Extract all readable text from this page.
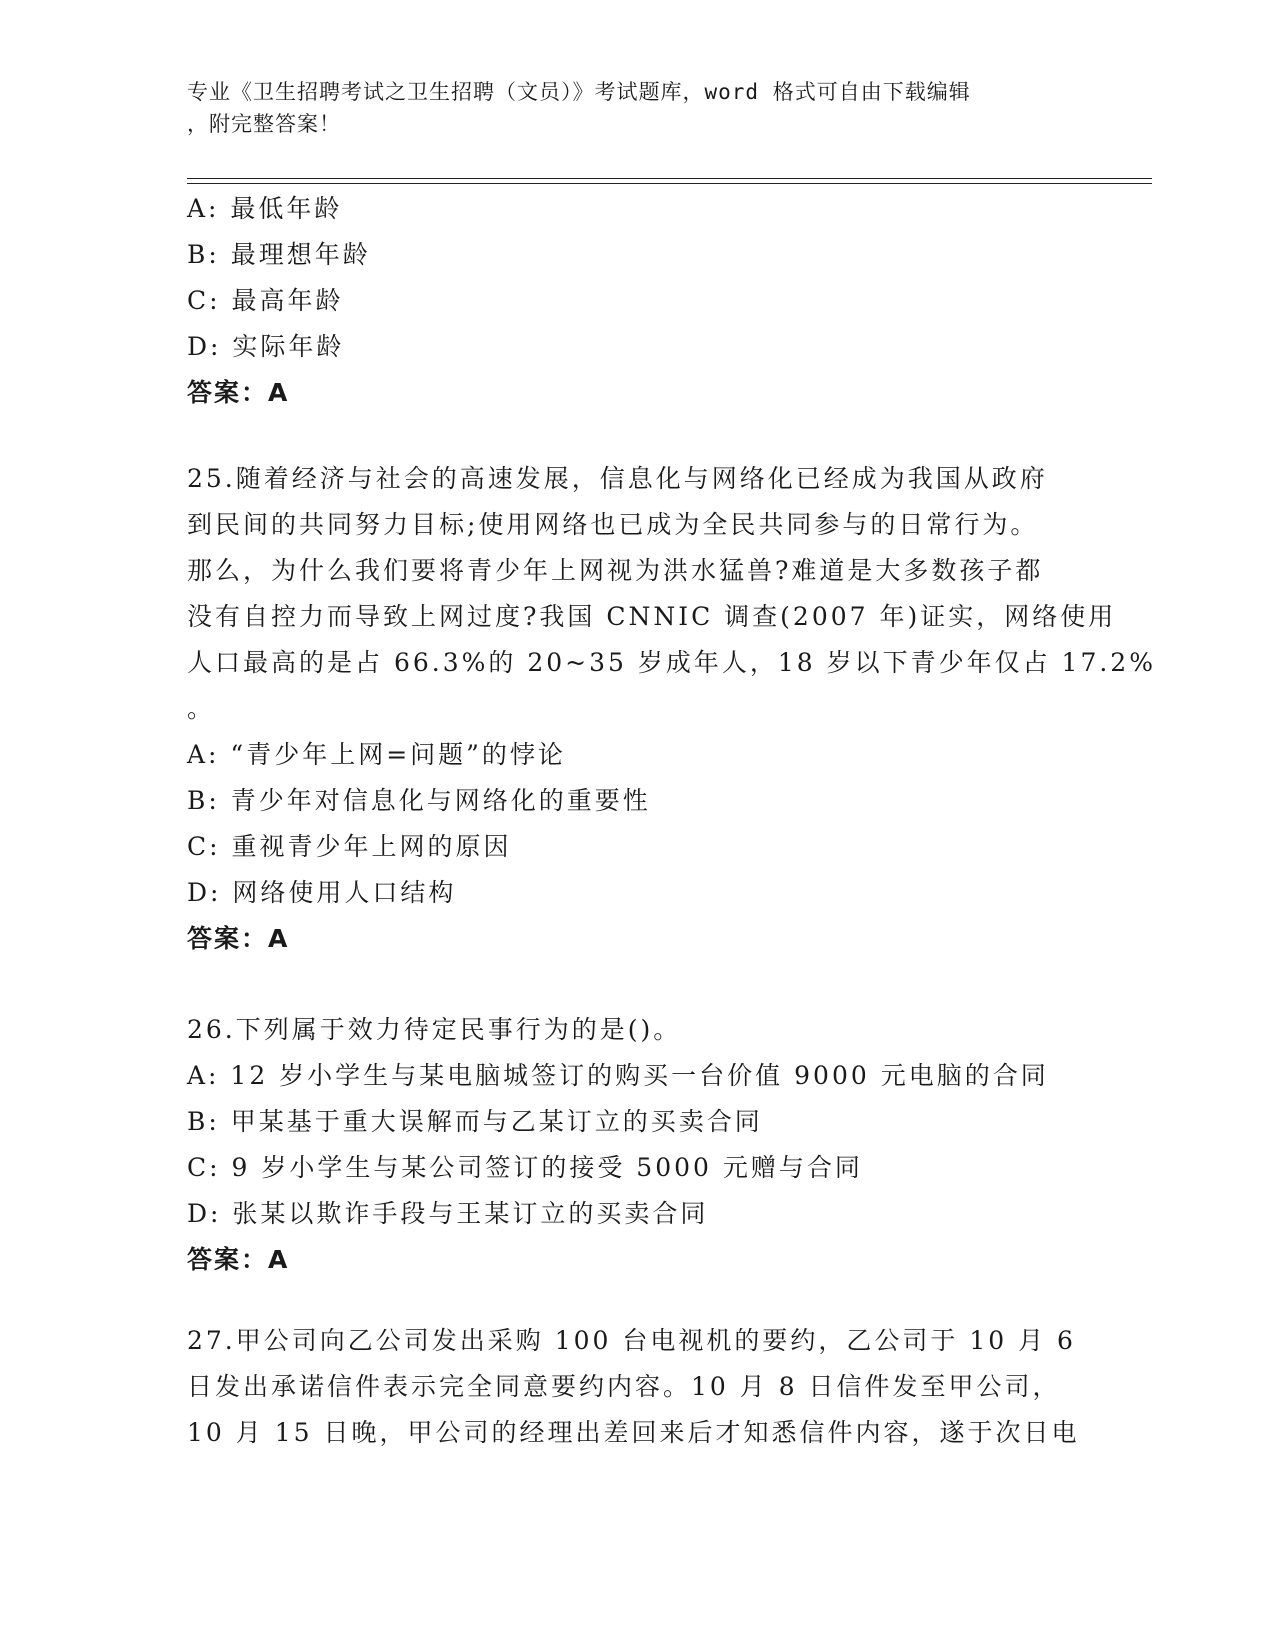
专业《卫生招聘考试之卫生招聘（文员）》考试题库，word 格式可自由下载编辑
，附完整答案！
A: 最低年龄
B: 最理想年龄
C: 最高年龄
D: 实际年龄
答案：A
25.随着经济与社会的高速发展，信息化与网络化已经成为我国从政府
到民间的共同努力目标;使用网络也已成为全民共同参与的日常行为。
那么，为什么我们要将青少年上网视为洪水猛兽?难道是大多数孩子都
没有自控力而导致上网过度?我国 CNNIC 调查(2007 年)证实，网络使用
人口最高的是占 66.3%的 20~35 岁成年人，18 岁以下青少年仅占 17.2%
。
A: “青少年上网=问题”的悖论
B: 青少年对信息化与网络化的重要性
C: 重视青少年上网的原因
D: 网络使用人口结构
答案：A
26.下列属于效力待定民事行为的是()。
A: 12 岁小学生与某电脑城签订的购买一台价值 9000 元电脑的合同
B: 甲某基于重大误解而与乙某订立的买卖合同
C: 9 岁小学生与某公司签订的接受 5000 元赠与合同
D: 张某以欺诈手段与王某订立的买卖合同
答案：A
27.甲公司向乙公司发出采购 100 台电视机的要约，乙公司于 10 月 6
日发出承诺信件表示完全同意要约内容。10 月 8 日信件发至甲公司，
10 月 15 日晚，甲公司的经理出差回来后才知悉信件内容，遂于次日电
